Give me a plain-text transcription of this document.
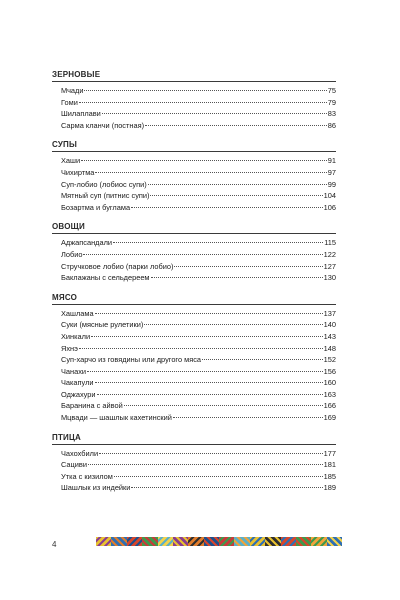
ЗЕРНОВЫЕ
Мчади	75
Гоми	79
Шилаплави	83
Сарма кланчи (постная)	86
СУПЫ
Хаши	91
Чихиртма	97
Суп-лобио (лобиос супи)	99
Мятный суп (питнис супи)	104
Бозартма и буглама	106
ОВОЩИ
Аджапсандали	115
Лобио	122
Стручковое лобио (парки лобио)	127
Баклажаны с сельдереем	130
МЯСО
Хашлама	137
Суки (мясные рулетики)	140
Хинкали	143
Яхнэ	148
Суп-харчо из говядины или другого мяса	152
Чанахи	156
Чакапули	160
Оджахури	163
Баранина с айвой	166
Мцвади — шашлык кахетинский	169
ПТИЦА
Чахохбили	177
Сациви	181
Утка с кизилом	185
Шашлык из индейки	189
4
